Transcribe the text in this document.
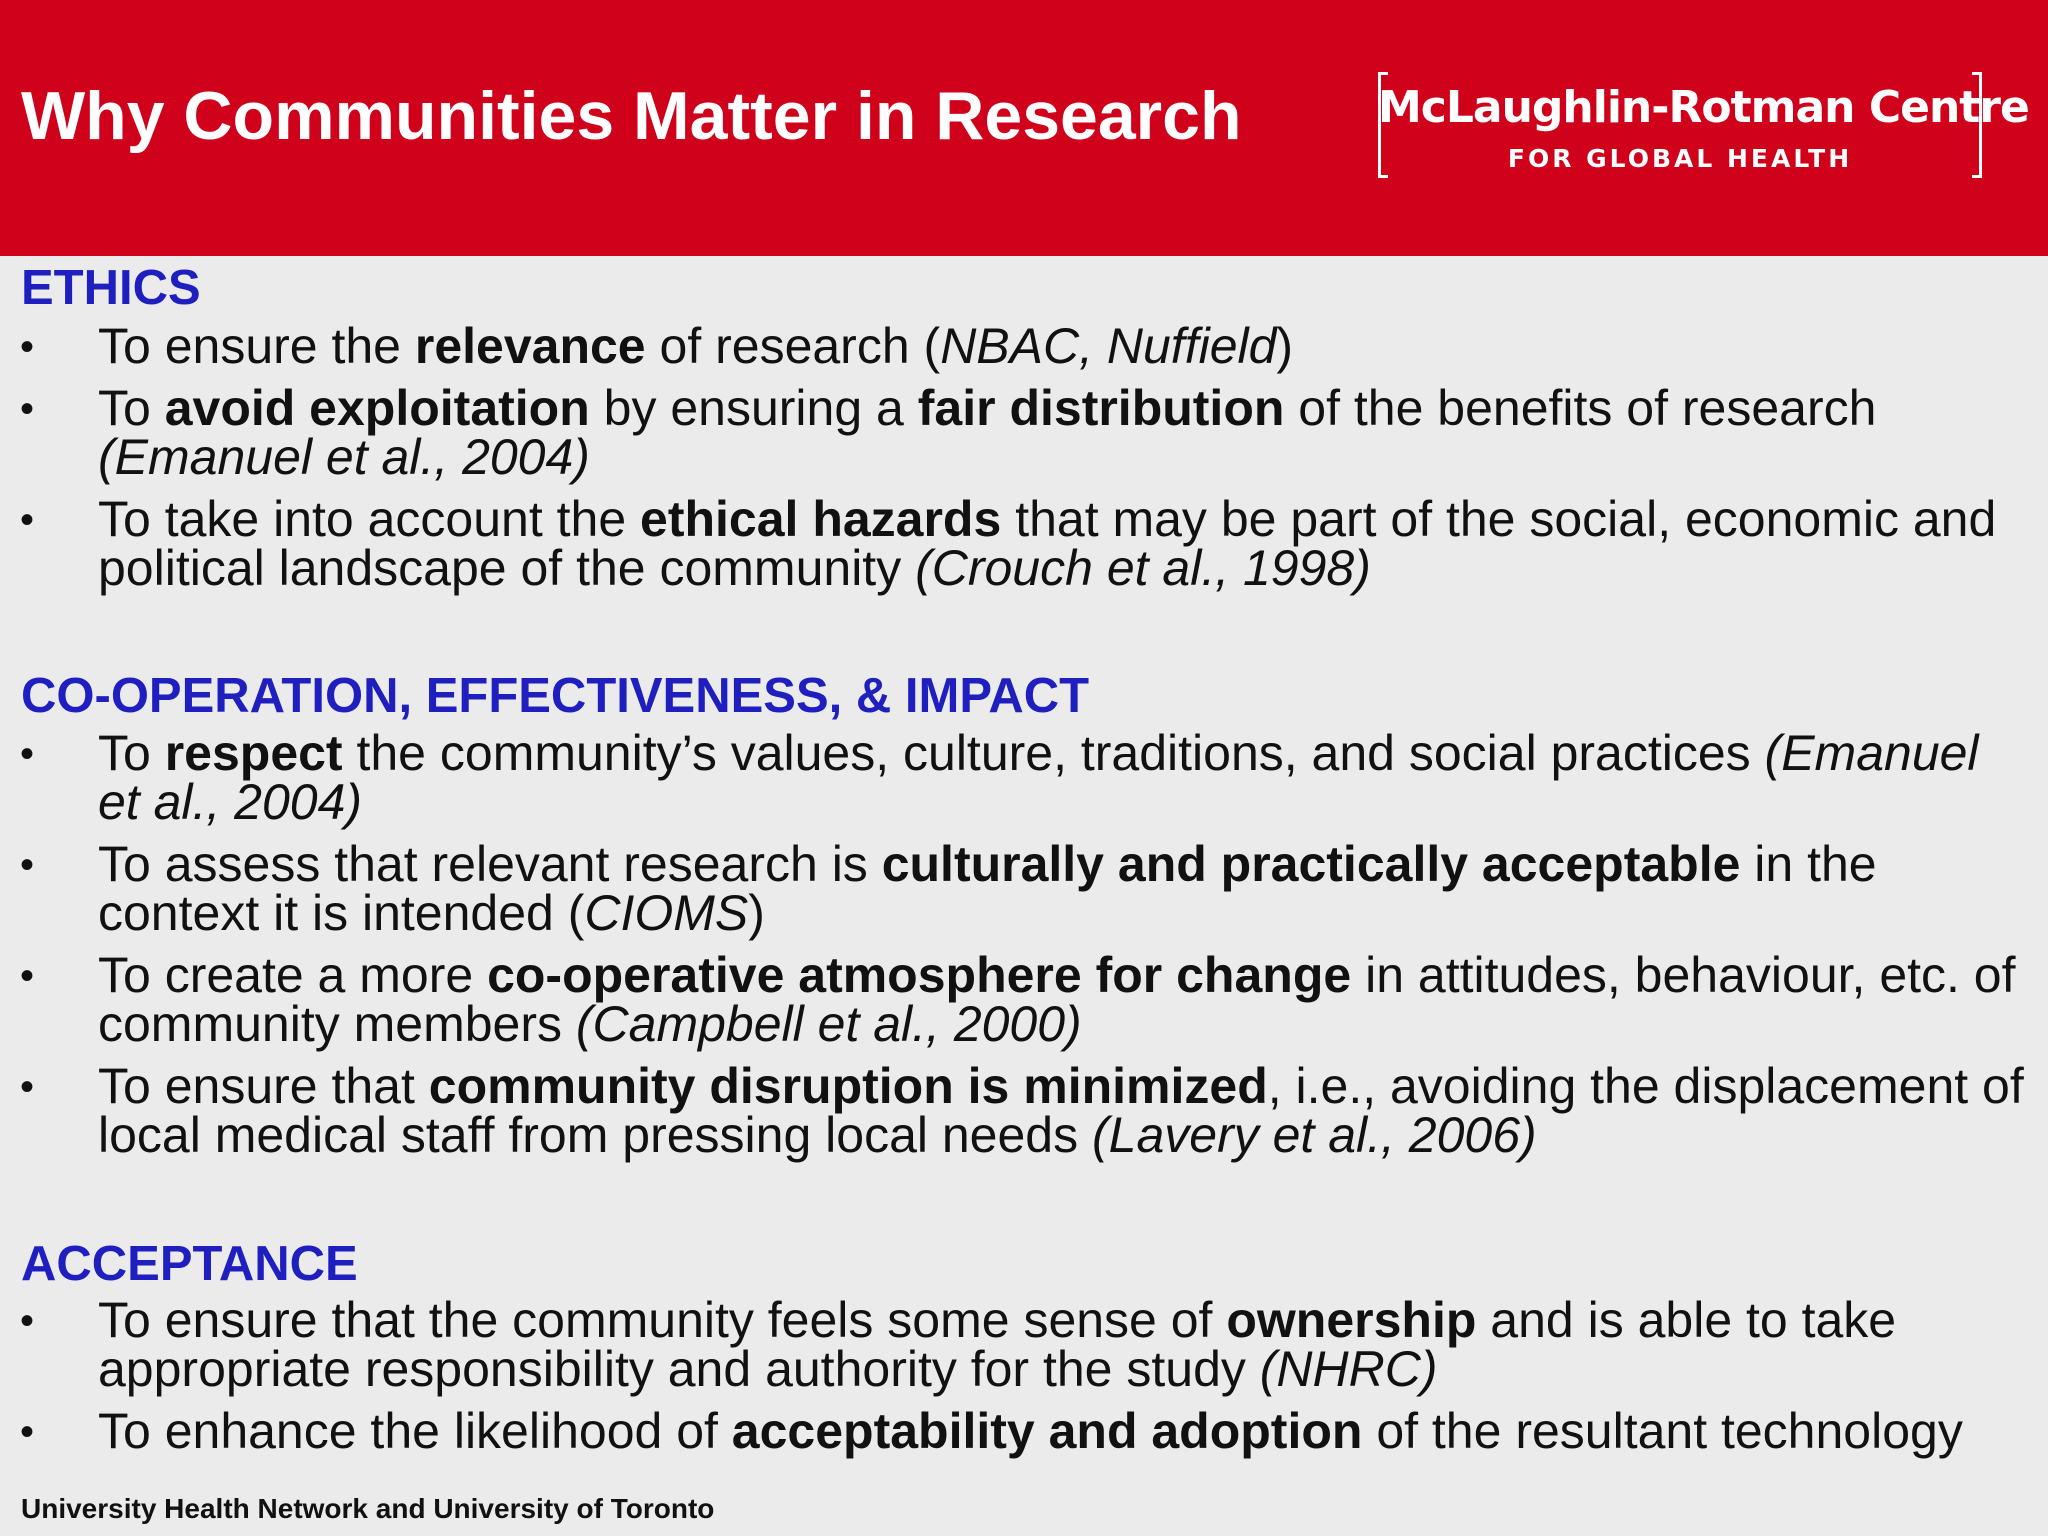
Why Communities Matter in Research	McLaughlin-Rotman Centre
FOR GLOBAL HEALTH
ETHICS
• To ensure the relevance of research (NBAC, Nuffield)
• To avoid exploitation by ensuring a fair distribution of the benefits of research (Emanuel et al., 2004)
• To take into account the ethical hazards that may be part of the social, economic and political landscape of the community (Crouch et al., 1998)
CO-OPERATION, EFFECTIVENESS, & IMPACT
• To respect the community’s values, culture, traditions, and social practices (Emanuel et al., 2004)
• To assess that relevant research is culturally and practically acceptable in the context it is intended (CIOMS)
• To create a more co-operative atmosphere for change in attitudes, behaviour, etc. of community members (Campbell et al., 2000)
• To ensure that community disruption is minimized, i.e., avoiding the displacement of local medical staff from pressing local needs (Lavery et al., 2006)
ACCEPTANCE
• To ensure that the community feels some sense of ownership and is able to take appropriate responsibility and authority for the study (NHRC)
• To enhance the likelihood of acceptability and adoption of the resultant technology
University Health Network and University of Toronto
